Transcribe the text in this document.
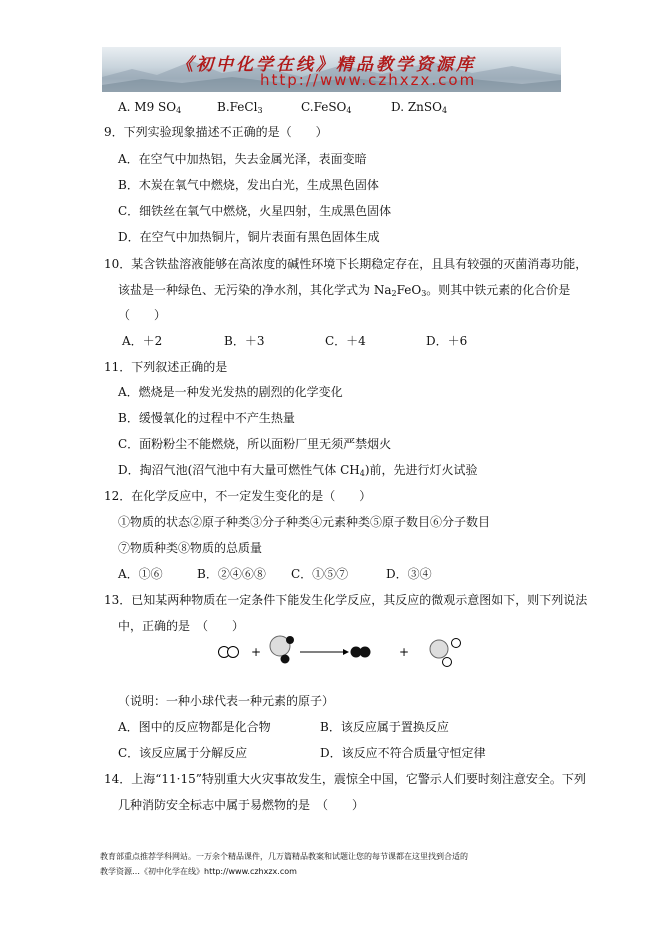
《初中化学在线》精品教学资源库
http://www.czhxzx.com
A. M9 $SO_4$	B.FeCl$_3$	C.FeSO$_4$	D. ZnSO$_4$
9．下列实验现象描述不正确的是（　　）
A．在空气中加热铝，失去金属光泽，表面变暗
B．木炭在氧气中燃烧，发出白光，生成黑色固体
C．细铁丝在氧气中燃烧，火星四射，生成黑色固体
D．在空气中加热铜片，铜片表面有黑色固体生成
10．某含铁盐溶液能够在高浓度的碱性环境下长期稳定存在，且具有较强的灭菌消毒功能，
该盐是一种绿色、无污染的净水剂，其化学式为 $Na_2FeO_3$。则其中铁元素的化合价是
（　　）
A．＋2	B．＋3	C．＋4	D．＋6
11．下列叙述正确的是
A．燃烧是一种发光发热的剧烈的化学变化
B．缓慢氧化的过程中不产生热量
C．面粉粉尘不能燃烧，所以面粉厂里无须严禁烟火
D．掏沼气池(沼气池中有大量可燃性气体 $CH_4$)前，先进行灯火试验
12．在化学反应中，不一定发生变化的是（　　）
①物质的状态②原子种类③分子种类④元素种类⑤原子数目⑥分子数目
⑦物质种类⑧物质的总质量
A．①⑥	B．②④⑥⑧ C．①⑤⑦	D．③④
13．已知某两种物质在一定条件下能发生化学反应，其反应的微观示意图如下，则下列说法
中，正确的是　（　　）
+	+
（说明：一种小球代表一种元素的原子）
A．图中的反应物都是化合物	B．该反应属于置换反应
C．该反应属于分解反应	D．该反应不符合质量守恒定律
14．上海“11·15”特别重大火灾事故发生，震惊全中国，它警示人们要时刻注意安全。下列
几种消防安全标志中属于易燃物的是　（　　）
教育部重点推荐学科网站。一万余个精品课件，几万篇精品教案和试题让您的每节课都在这里找到合适的
教学资源…《初中化学在线》http://www.czhxzx.com
